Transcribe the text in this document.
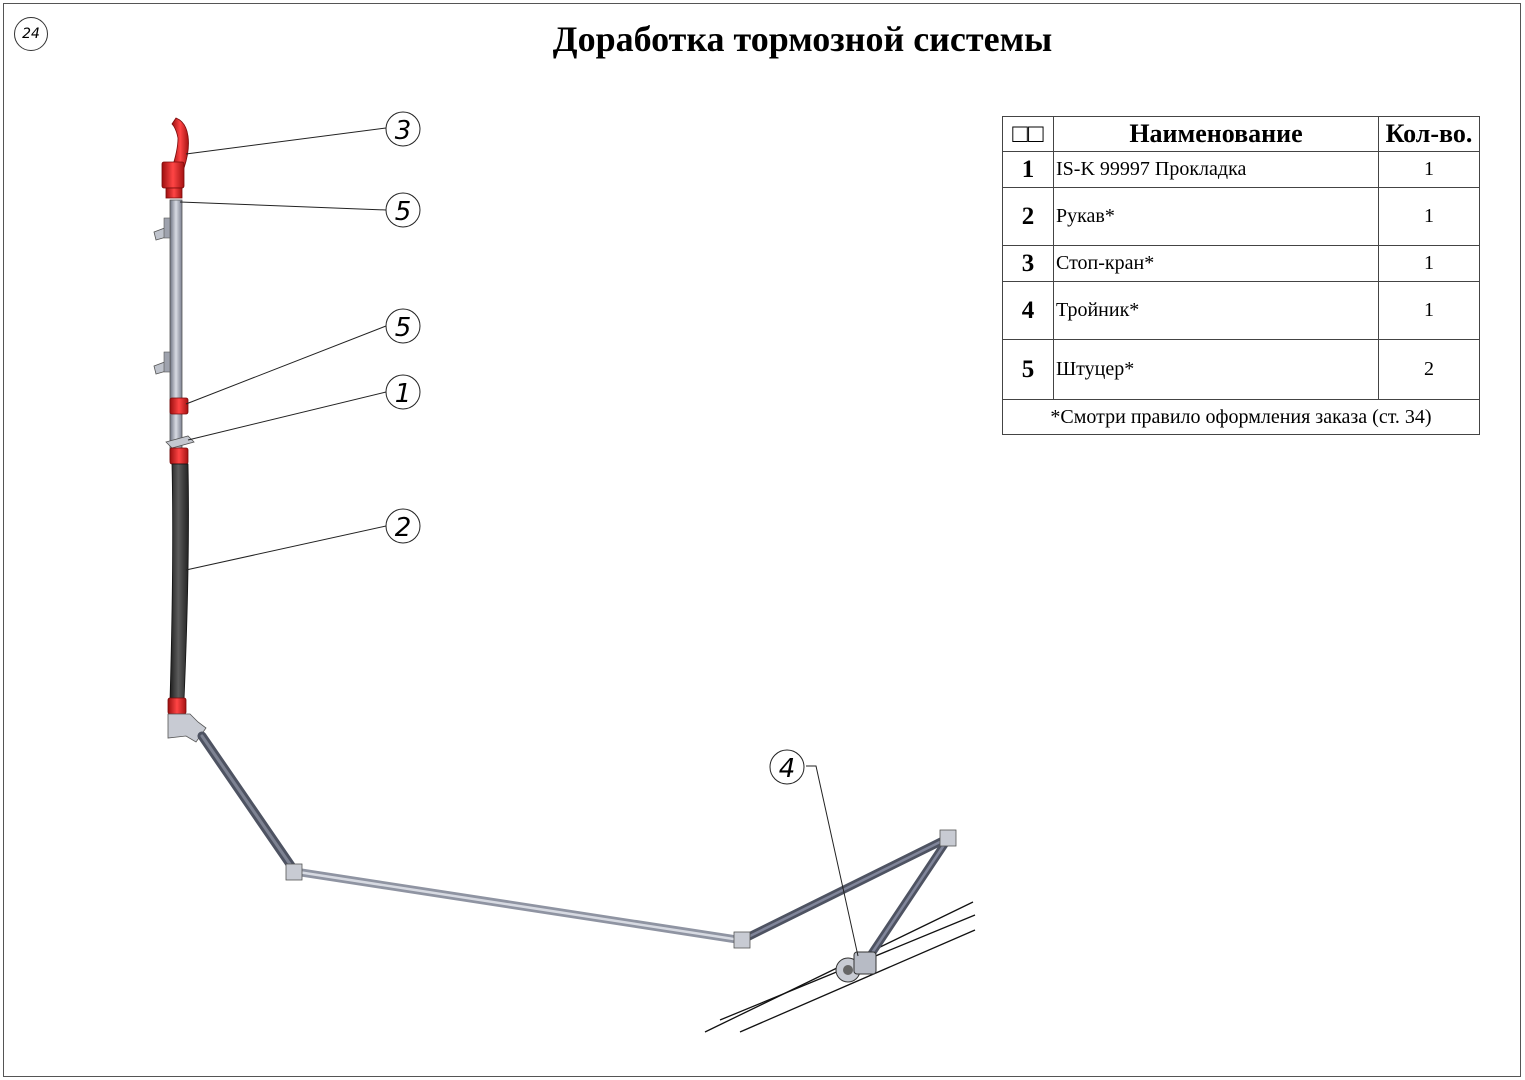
24	Доработка тормозной системы
3
5
5
1
2
4
□□	Наименование	Кол-во.
1	IS-K 99997 Прокладка	1
2	Рукав*	1
3	Стоп-кран*	1
4	Тройник*	1
5	Штуцер*	2
*Смотри правило оформления заказа (ст. 34)		
